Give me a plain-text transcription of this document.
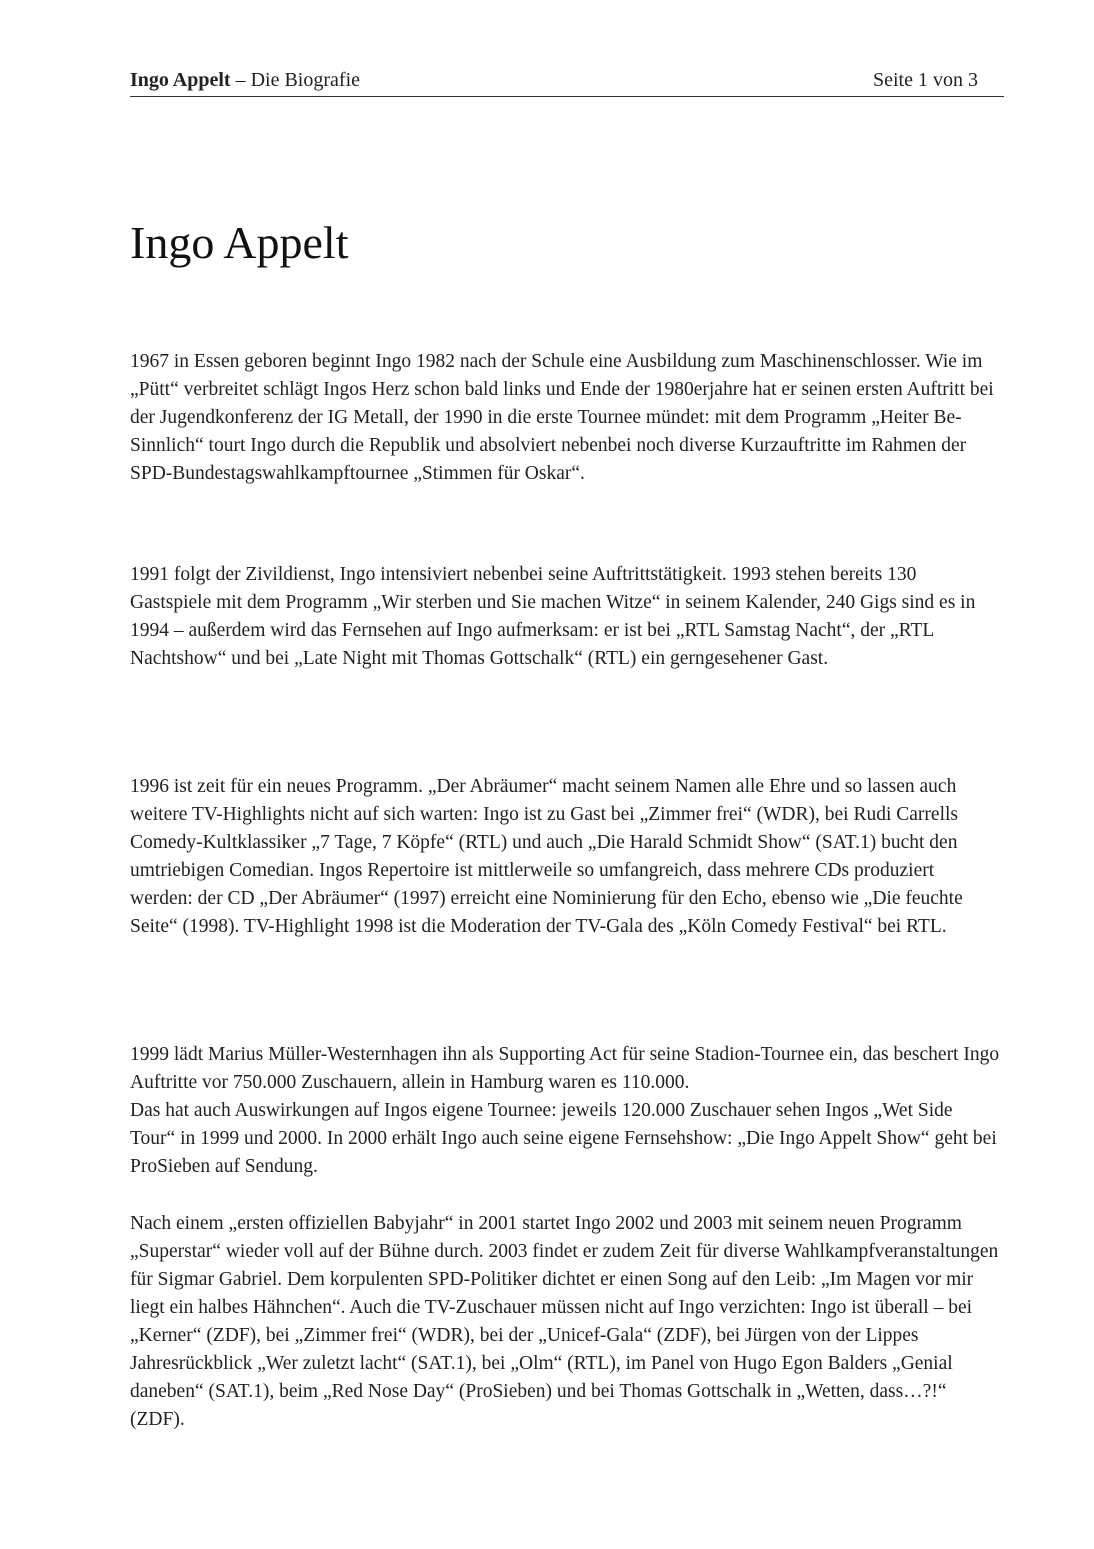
Ingo Appelt – Die Biografie	Seite 1 von 3
Ingo Appelt

1967 in Essen geboren beginnt Ingo 1982 nach der Schule eine Ausbildung zum Maschinenschlosser. Wie im „Pütt“ verbreitet schlägt Ingos Herz schon bald links und Ende der 1980erjahre hat er seinen ersten Auftritt bei der Jugendkonferenz der IG Metall, der 1990 in die erste Tournee mündet: mit dem Programm „Heiter Be-Sinnlich“ tourt Ingo durch die Republik und absolviert nebenbei noch diverse Kurzauftritte im Rahmen der SPD-Bundestagswahlkampftournee „Stimmen für Oskar“.

1991 folgt der Zivildienst, Ingo intensiviert nebenbei seine Auftrittstätigkeit. 1993 stehen bereits 130 Gastspiele mit dem Programm „Wir sterben und Sie machen Witze“ in seinem Kalender, 240 Gigs sind es in 1994 – außerdem wird das Fernsehen auf Ingo aufmerksam: er ist bei „RTL Samstag Nacht“, der „RTL Nachtshow“ und bei „Late Night mit Thomas Gottschalk“ (RTL) ein gerngesehener Gast.

1996 ist zeit für ein neues Programm. „Der Abräumer“ macht seinem Namen alle Ehre und so lassen auch weitere TV-Highlights nicht auf sich warten: Ingo ist zu Gast bei „Zimmer frei“ (WDR), bei Rudi Carrells Comedy-Kultklassiker „7 Tage, 7 Köpfe“ (RTL) und auch „Die Harald Schmidt Show“ (SAT.1) bucht den umtriebigen Comedian. Ingos Repertoire ist mittlerweile so umfangreich, dass mehrere CDs produziert werden: der CD „Der Abräumer“ (1997) erreicht eine Nominierung für den Echo, ebenso wie „Die feuchte Seite“ (1998). TV-Highlight 1998 ist die Moderation der TV-Gala des „Köln Comedy Festival“ bei RTL.

1999 lädt Marius Müller-Westernhagen ihn als Supporting Act für seine Stadion-Tournee ein, das beschert Ingo Auftritte vor 750.000 Zuschauern, allein in Hamburg waren es 110.000.
Das hat auch Auswirkungen auf Ingos eigene Tournee: jeweils 120.000 Zuschauer sehen Ingos „Wet Side Tour“ in 1999 und 2000. In 2000 erhält Ingo auch seine eigene Fernsehshow: „Die Ingo Appelt Show“ geht bei ProSieben auf Sendung.

Nach einem „ersten offiziellen Babyjahr“ in 2001 startet Ingo 2002 und 2003 mit seinem neuen Programm „Superstar“ wieder voll auf der Bühne durch. 2003 findet er zudem Zeit für diverse Wahlkampfveranstaltungen für Sigmar Gabriel. Dem korpulenten SPD-Politiker dichtet er einen Song auf den Leib: „Im Magen vor mir liegt ein halbes Hähnchen“. Auch die TV-Zuschauer müssen nicht auf Ingo verzichten: Ingo ist überall – bei „Kerner“ (ZDF), bei „Zimmer frei“ (WDR), bei der „Unicef-Gala“ (ZDF), bei Jürgen von der Lippes Jahresrückblick „Wer zuletzt lacht“ (SAT.1), bei „Olm“ (RTL), im Panel von Hugo Egon Balders „Genial daneben“ (SAT.1), beim „Red Nose Day“ (ProSieben) und bei Thomas Gottschalk in „Wetten, dass…?!“ (ZDF).
